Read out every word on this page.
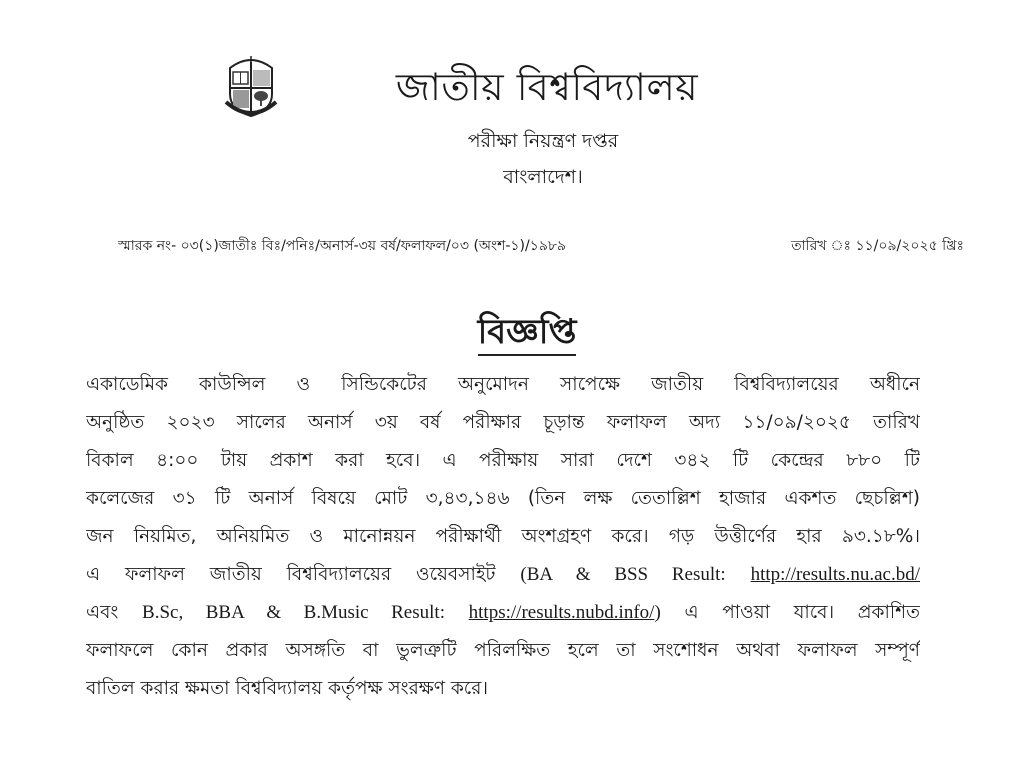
জাতীয় বিশ্ববিদ্যালয়
পরীক্ষা নিয়ন্ত্রণ দপ্তর
বাংলাদেশ।
স্মারক নং- ০৩(১)জাতীঃ বিঃ/পনিঃ/অনার্স-৩য় বর্ষ/ফলাফল/০৩ (অংশ-১)/১৯৮৯	তারিখ ঃ ১১/০৯/২০২৫ খ্রিঃ
বিজ্ঞপ্তি
একাডেমিক কাউন্সিল ও সিন্ডিকেটের অনুমোদন সাপেক্ষে জাতীয় বিশ্ববিদ্যালয়ের অধীনে
অনুষ্ঠিত ২০২৩ সালের অনার্স ৩য় বর্ষ পরীক্ষার চূড়ান্ত ফলাফল অদ্য ১১/০৯/২০২৫ তারিখ
বিকাল ৪:০০ টায় প্রকাশ করা হবে। এ পরীক্ষায় সারা দেশে ৩৪২ টি কেন্দ্রের ৮৮০ টি
কলেজের ৩১ টি অনার্স বিষয়ে মোট ৩,৪৩,১৪৬ (তিন লক্ষ তেতাল্লিশ হাজার একশত ছেচল্লিশ)
জন নিয়মিত, অনিয়মিত ও মানোন্নয়ন পরীক্ষার্থী অংশগ্রহণ করে। গড় উত্তীর্ণের হার ৯৩.১৮%।
এ ফলাফল জাতীয় বিশ্ববিদ্যালয়ের ওয়েবসাইট (BA & BSS Result: http://results.nu.ac.bd/
এবং B.Sc, BBA & B.Music Result: https://results.nubd.info/) এ পাওয়া যাবে। প্রকাশিত
ফলাফলে কোন প্রকার অসঙ্গতি বা ভুলত্রুটি পরিলক্ষিত হলে তা সংশোধন অথবা ফলাফল সম্পূর্ণ
বাতিল করার ক্ষমতা বিশ্ববিদ্যালয় কর্তৃপক্ষ সংরক্ষণ করে।
